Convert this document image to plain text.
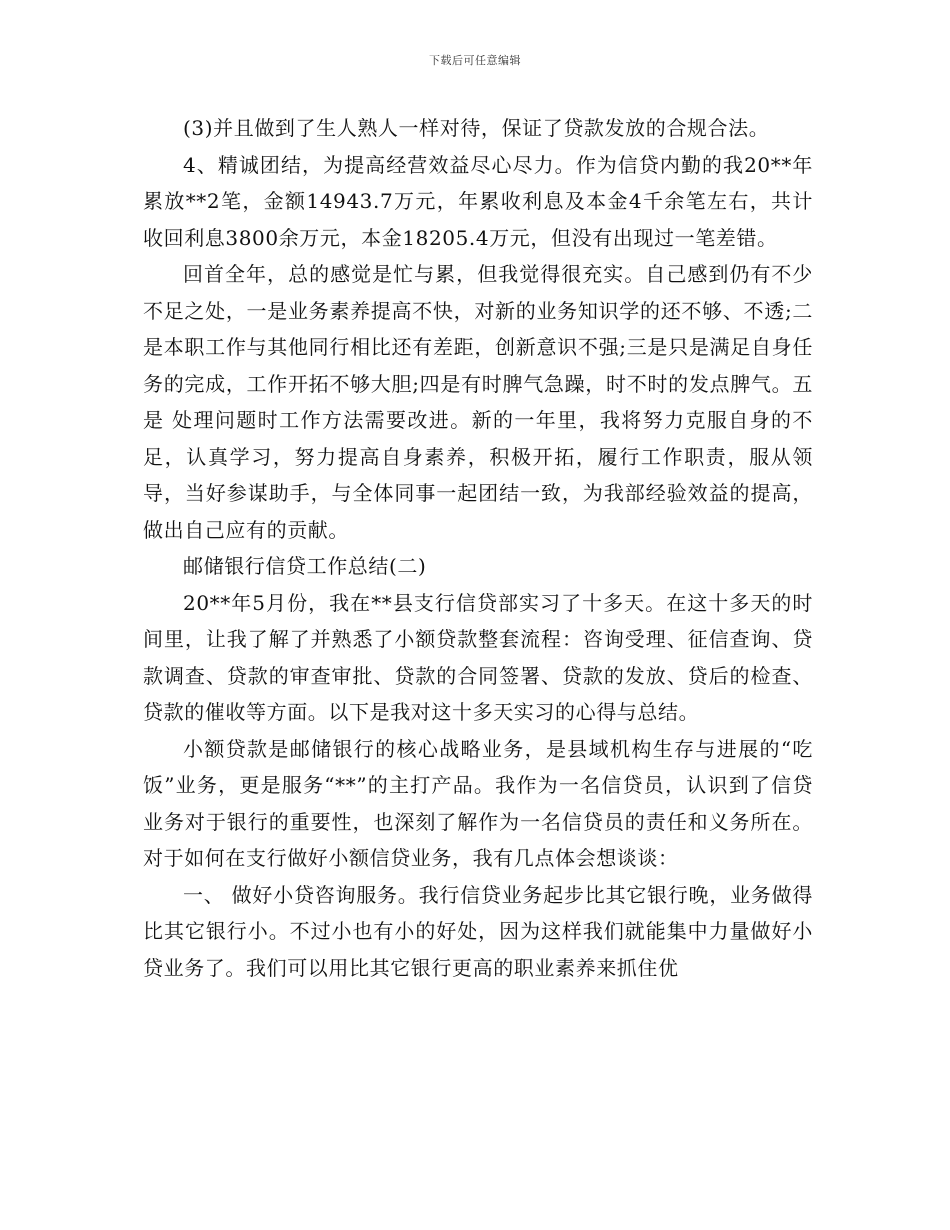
下载后可任意编辑

(3)并且做到了生人熟人一样对待，保证了贷款发放的合规合法。

4、精诚团结，为提高经营效益尽心尽力。作为信贷内勤的我20**年累放**2笔，金额14943.7万元，年累收利息及本金4千余笔左右，共计收回利息3800余万元，本金18205.4万元，但没有出现过一笔差错。

回首全年，总的感觉是忙与累，但我觉得很充实。自己感到仍有不少不足之处，一是业务素养提高不快，对新的业务知识学的还不够、不透;二是本职工作与其他同行相比还有差距，创新意识不强;三是只是满足自身任务的完成，工作开拓不够大胆;四是有时脾气急躁，时不时的发点脾气。五是 处理问题时工作方法需要改进。新的一年里，我将努力克服自身的不足，认真学习，努力提高自身素养，积极开拓，履行工作职责，服从领导，当好参谋助手，与全体同事一起团结一致，为我部经验效益的提高，做出自己应有的贡献。

邮储银行信贷工作总结(二)

20**年5月份，我在**县支行信贷部实习了十多天。在这十多天的时间里，让我了解了并熟悉了小额贷款整套流程：咨询受理、征信查询、贷款调查、贷款的审查审批、贷款的合同签署、贷款的发放、贷后的检查、贷款的催收等方面。以下是我对这十多天实习的心得与总结。

小额贷款是邮储银行的核心战略业务，是县域机构生存与进展的“吃饭”业务，更是服务“**”的主打产品。我作为一名信贷员，认识到了信贷业务对于银行的重要性，也深刻了解作为一名信贷员的责任和义务所在。对于如何在支行做好小额信贷业务，我有几点体会想谈谈：

一、 做好小贷咨询服务。我行信贷业务起步比其它银行晚，业务做得比其它银行小。不过小也有小的好处，因为这样我们就能集中力量做好小贷业务了。我们可以用比其它银行更高的职业素养来抓住优
